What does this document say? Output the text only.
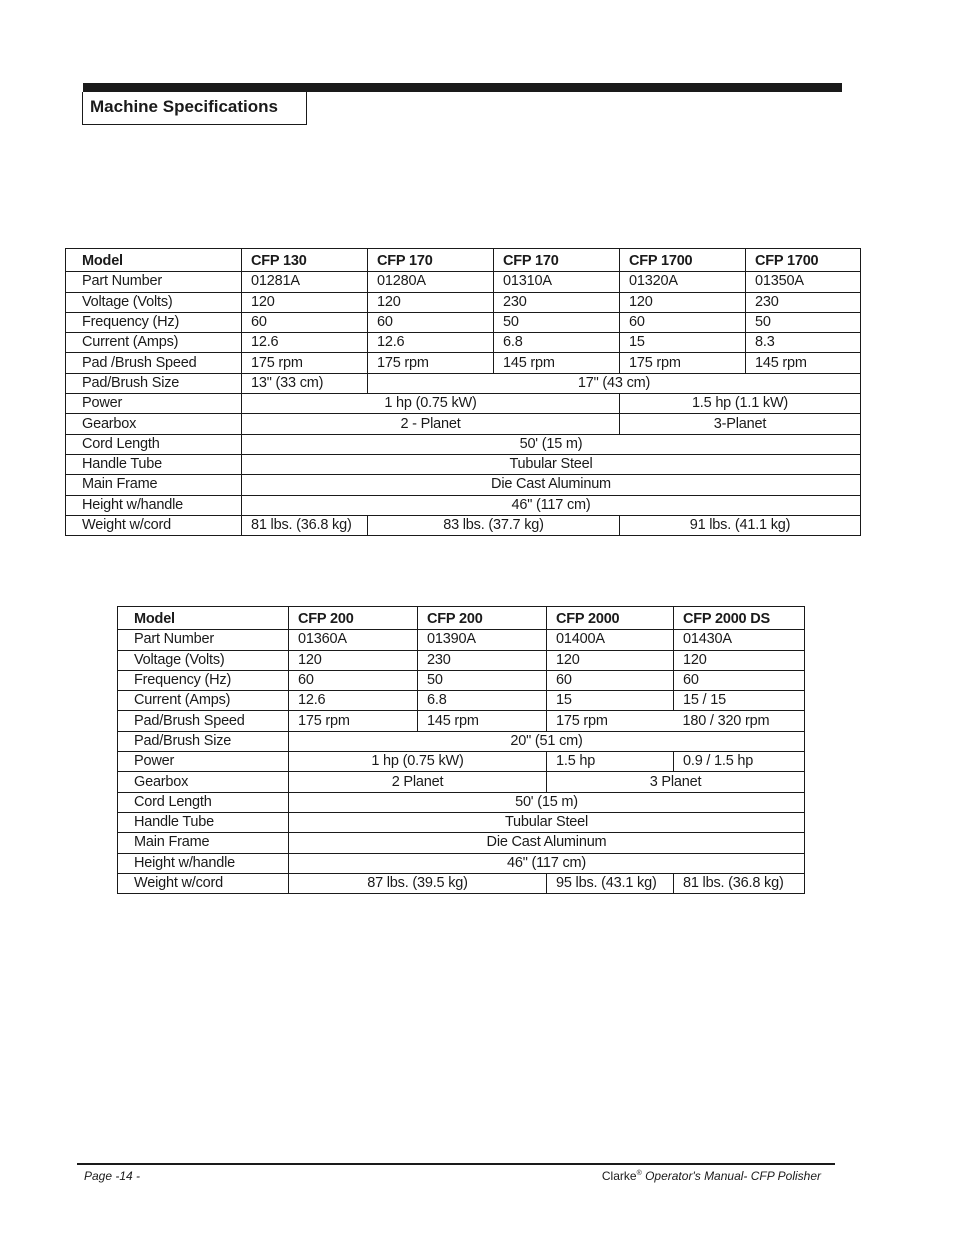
Machine Specifications
Model	CFP 130	CFP 170	CFP 170	CFP 1700	CFP 1700
Part Number	01281A	01280A	01310A	01320A	01350A
Voltage (Volts)	120	120	230	120	230
Frequency (Hz)	60	60	50	60	50
Current (Amps)	12.6	12.6	6.8	15	8.3
Pad /Brush Speed	175 rpm	175 rpm	145 rpm	175 rpm	145 rpm
Pad/Brush Size	13" (33 cm)	17" (43 cm)			
Power	1 hp (0.75 kW)			1.5 hp (1.1 kW)	
Gearbox	2 - Planet			3-Planet	
Cord Length	50' (15 m)				
Handle Tube	Tubular Steel				
Main Frame	Die Cast Aluminum				
Height w/handle	46" (117 cm)				
Weight w/cord	81 lbs. (36.8 kg)	83 lbs. (37.7 kg)		91 lbs. (41.1 kg)	
Model	CFP 200	CFP 200	CFP 2000	CFP 2000 DS
Part Number	01360A	01390A	01400A	01430A
Voltage (Volts)	120	230	120	120
Frequency (Hz)	60	50	60	60
Current (Amps)	12.6	6.8	15	15 / 15
Pad/Brush Speed	175 rpm	145 rpm	175 rpm	180 / 320 rpm
Pad/Brush Size	20" (51 cm)			
Power	1 hp (0.75 kW)		1.5 hp	0.9 / 1.5 hp
Gearbox	2 Planet		3 Planet	
Cord Length	50' (15 m)			
Handle Tube	Tubular Steel			
Main Frame	Die Cast Aluminum			
Height w/handle	46" (117 cm)			
Weight w/cord	87 lbs. (39.5 kg)		95 lbs. (43.1 kg)	81 lbs. (36.8 kg)
Page -14 -	Clarke® Operator's Manual- CFP Polisher
